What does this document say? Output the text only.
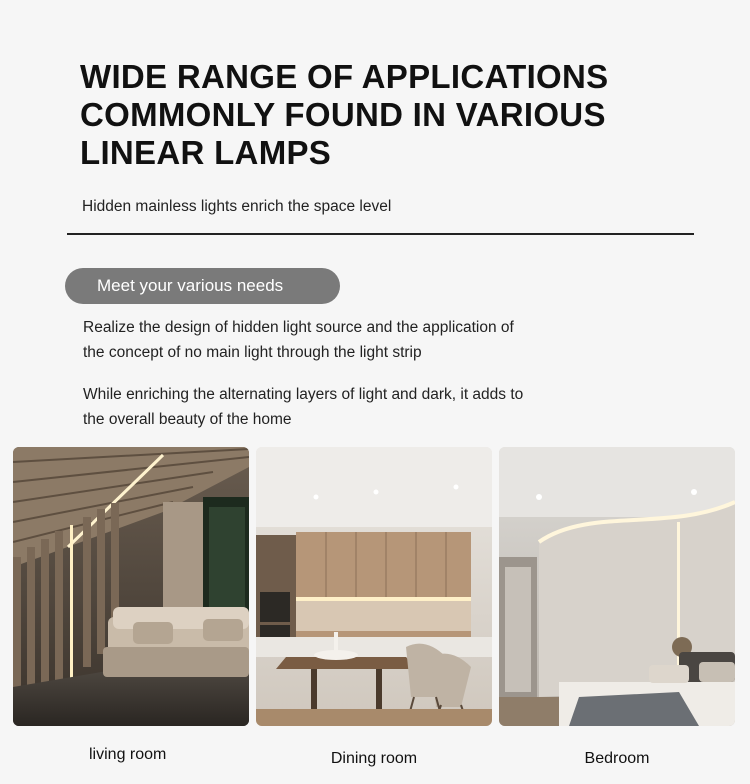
WIDE RANGE OF APPLICATIONS
COMMONLY FOUND IN VARIOUS
LINEAR LAMPS
Hidden mainless lights enrich the space level
Meet your various needs
Realize the design of hidden light source and the application of
the concept of no main light through the light strip
While enriching the alternating layers of light and dark, it adds to
the overall beauty of the home
living room	Dining room	Bedroom
